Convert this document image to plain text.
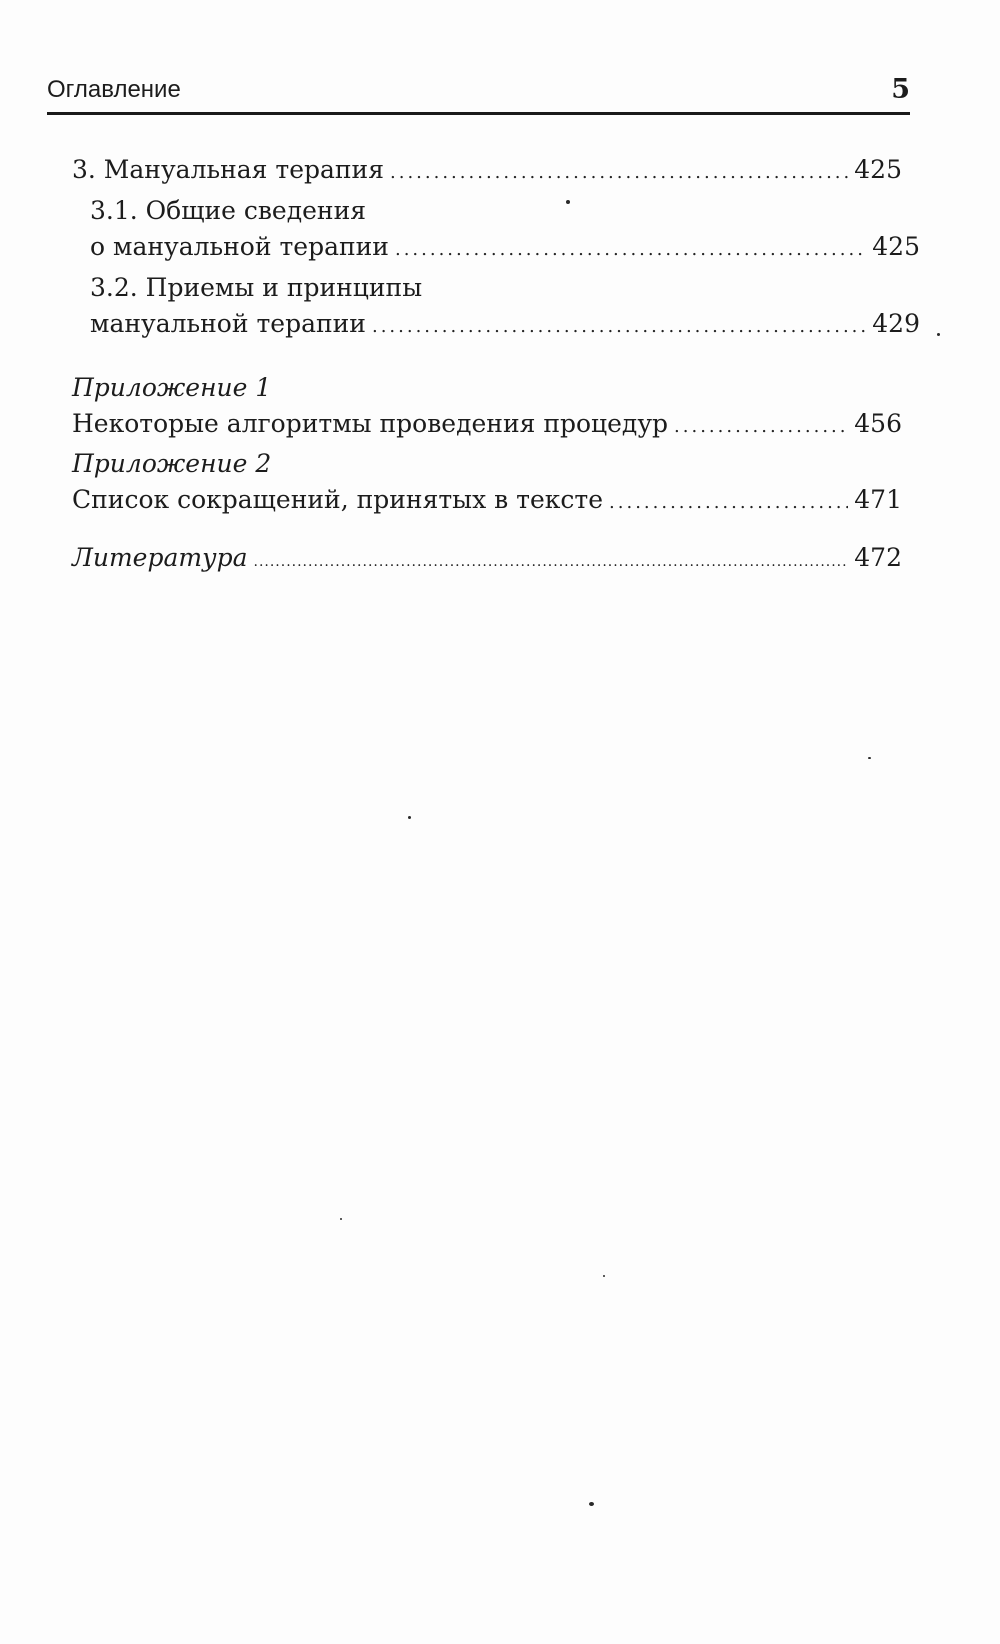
Оглавление	5
3. Мануальная терапия .....	425
3.1. Общие сведения
о мануальной терапии .....	425
3.2. Приемы и принципы
мануальной терапии .....	429
Приложение 1
Некоторые алгоритмы проведения процедур .....	456
Приложение 2
Список сокращений, принятых в тексте .....	471
Литература .....	472
